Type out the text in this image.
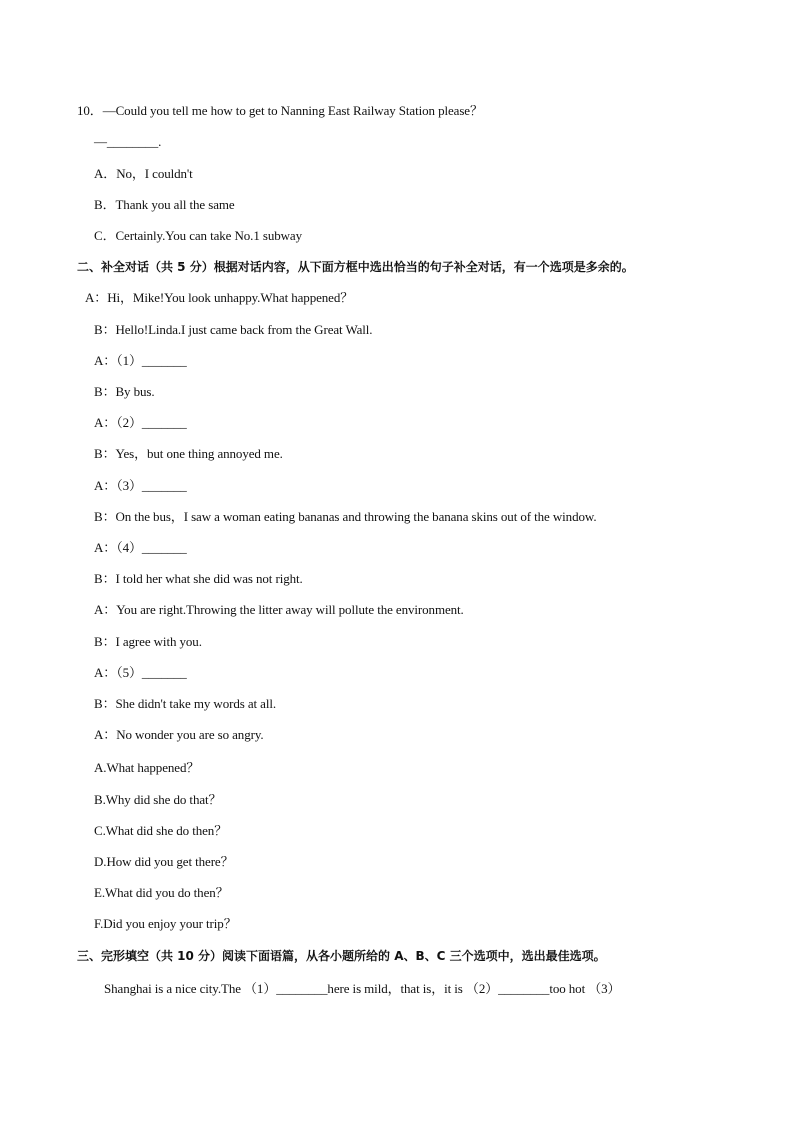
10．—Could you tell me how to get to Nanning East Railway Station please？
—________.
A．No，I couldn't
B．Thank you all the same
C．Certainly.You can take No.1 subway
二、补全对话（共 5 分）根据对话内容，从下面方框中选出恰当的句子补全对话，有一个选项是多余的。
A：Hi，Mike!You look unhappy.What happened？
B：Hello!Linda.I just came back from the Great Wall.
A：（1）_______
B：By bus.
A：（2）_______
B：Yes，but one thing annoyed me.
A：（3）_______
B：On the bus，I saw a woman eating bananas and throwing the banana skins out of the window.
A：（4）_______
B：I told her what she did was not right.
A：You are right.Throwing the litter away will pollute the environment.
B：I agree with you.
A：（5）_______
B：She didn't take my words at all.
A：No wonder you are so angry.
A.What happened？
B.Why did she do that？
C.What did she do then？
D.How did you get there？
E.What did you do then？
F.Did you enjoy your trip？
三、完形填空（共 10 分）阅读下面语篇，从各小题所给的 A、B、C 三个选项中，选出最佳选项。
Shanghai is a nice city.The （1）________here is mild，that is，it is （2）________too hot （3）
